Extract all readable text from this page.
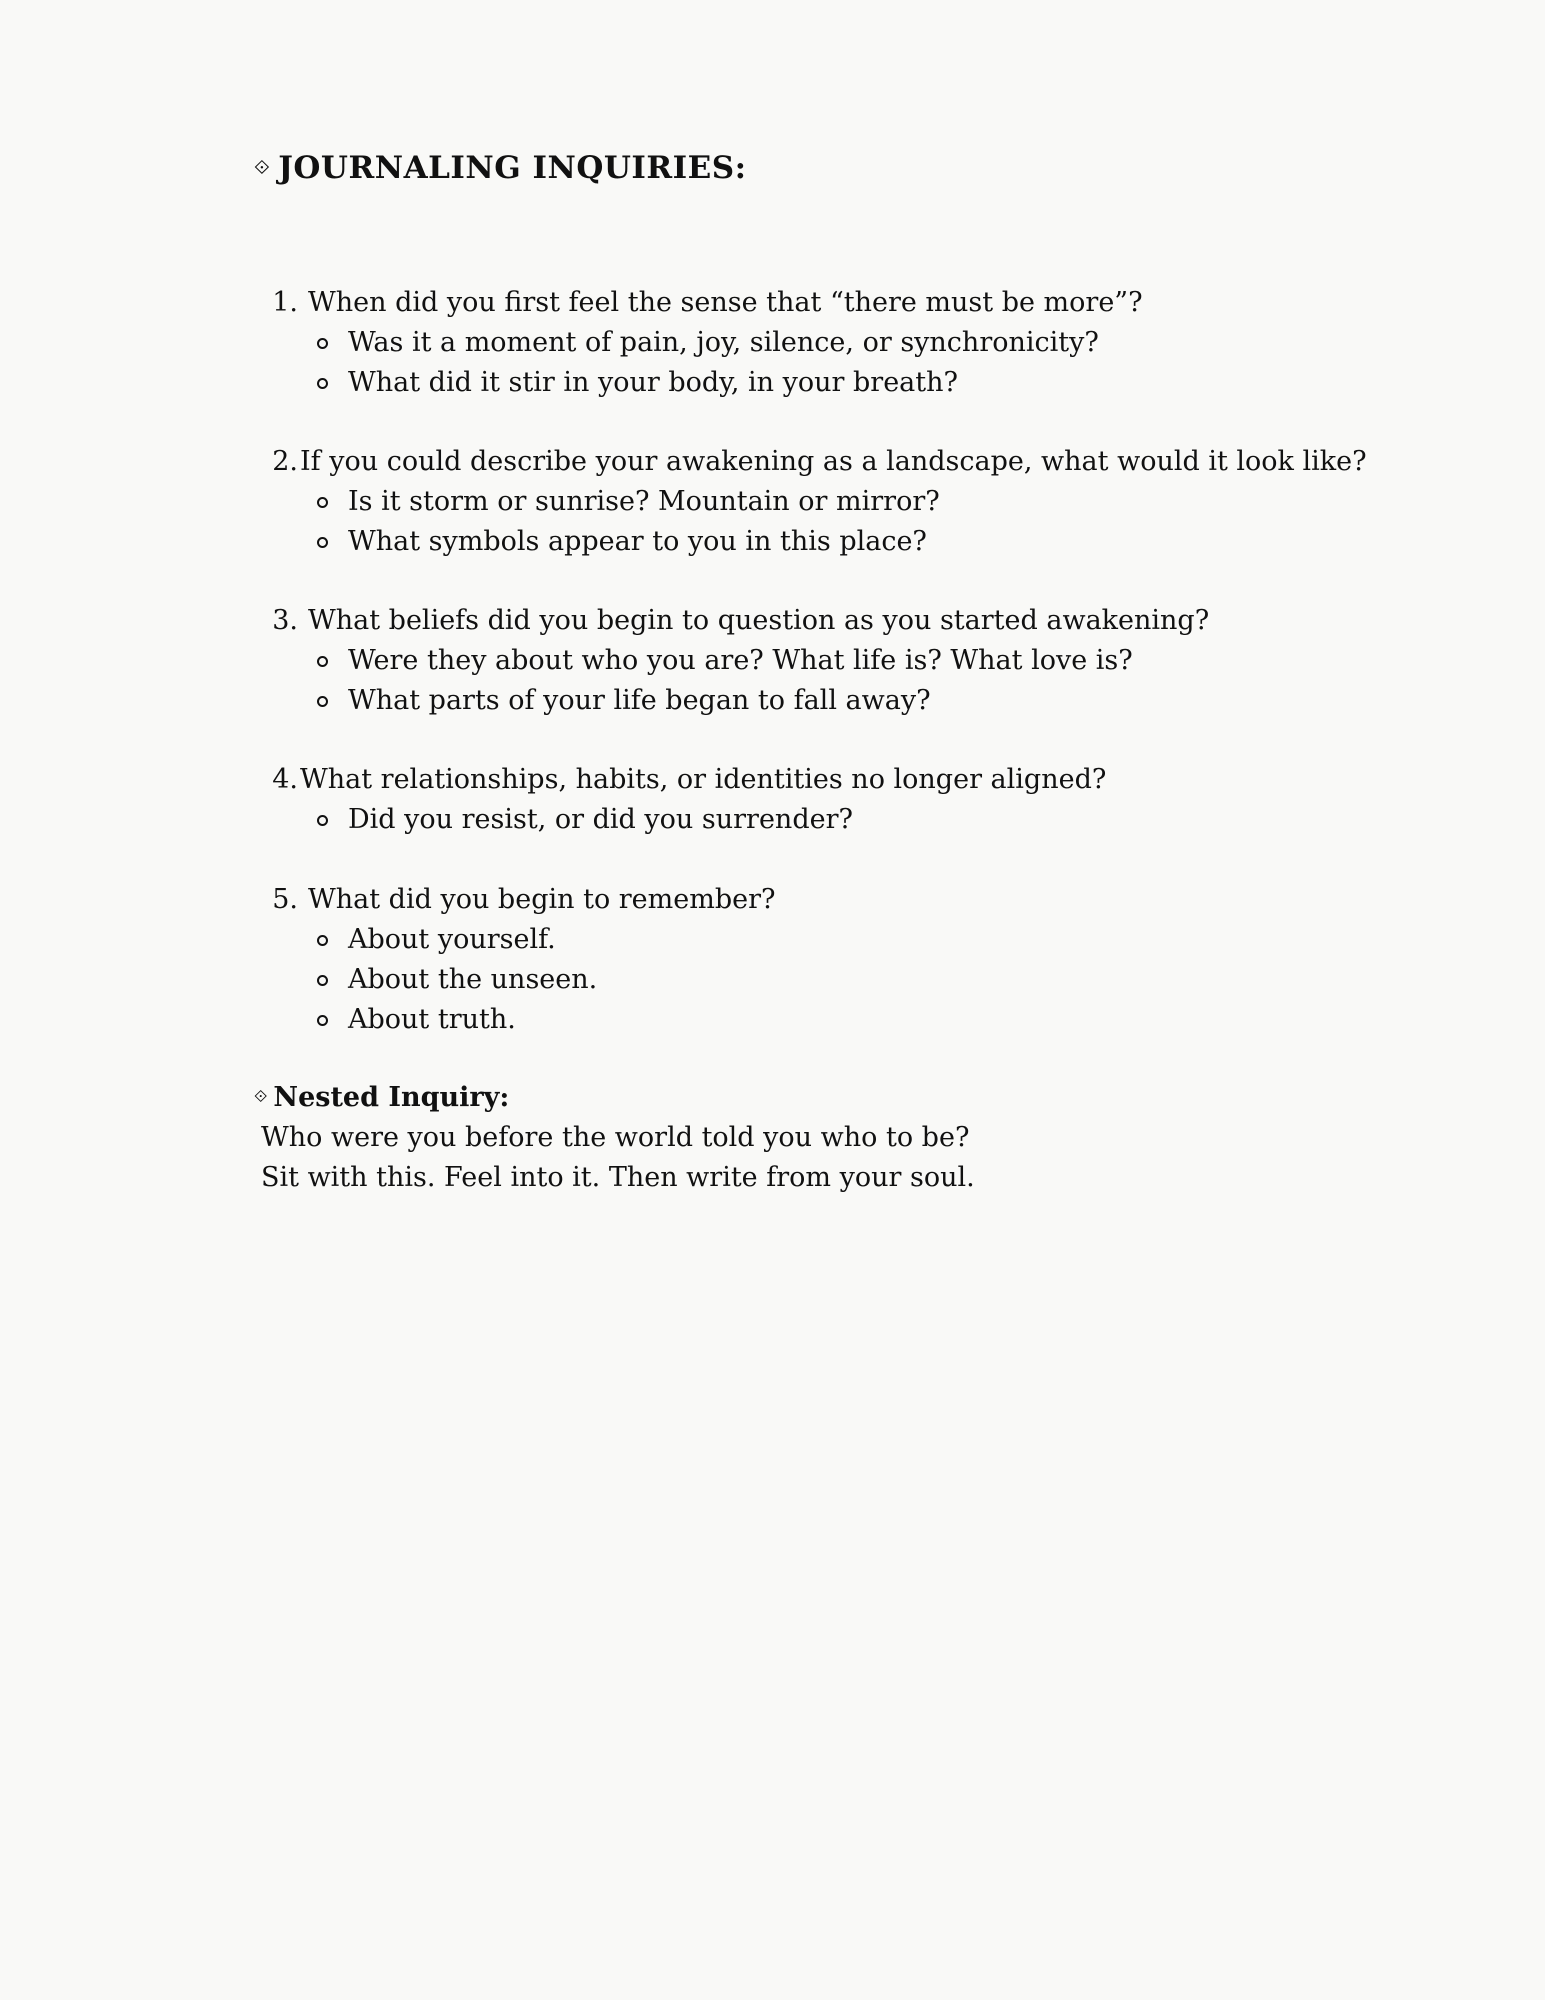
⟐ JOURNALING INQUIRIES:
1. When did you first feel the sense that “there must be more”?
Was it a moment of pain, joy, silence, or synchronicity?
What did it stir in your body, in your breath?
2. If you could describe your awakening as a landscape, what would it look like?
Is it storm or sunrise? Mountain or mirror?
What symbols appear to you in this place?
3. What beliefs did you begin to question as you started awakening?
Were they about who you are? What life is? What love is?
What parts of your life began to fall away?
4. What relationships, habits, or identities no longer aligned?
Did you resist, or did you surrender?
5. What did you begin to remember?
About yourself.
About the unseen.
About truth.
⟐ Nested Inquiry:
Who were you before the world told you who to be?
Sit with this. Feel into it. Then write from your soul.
